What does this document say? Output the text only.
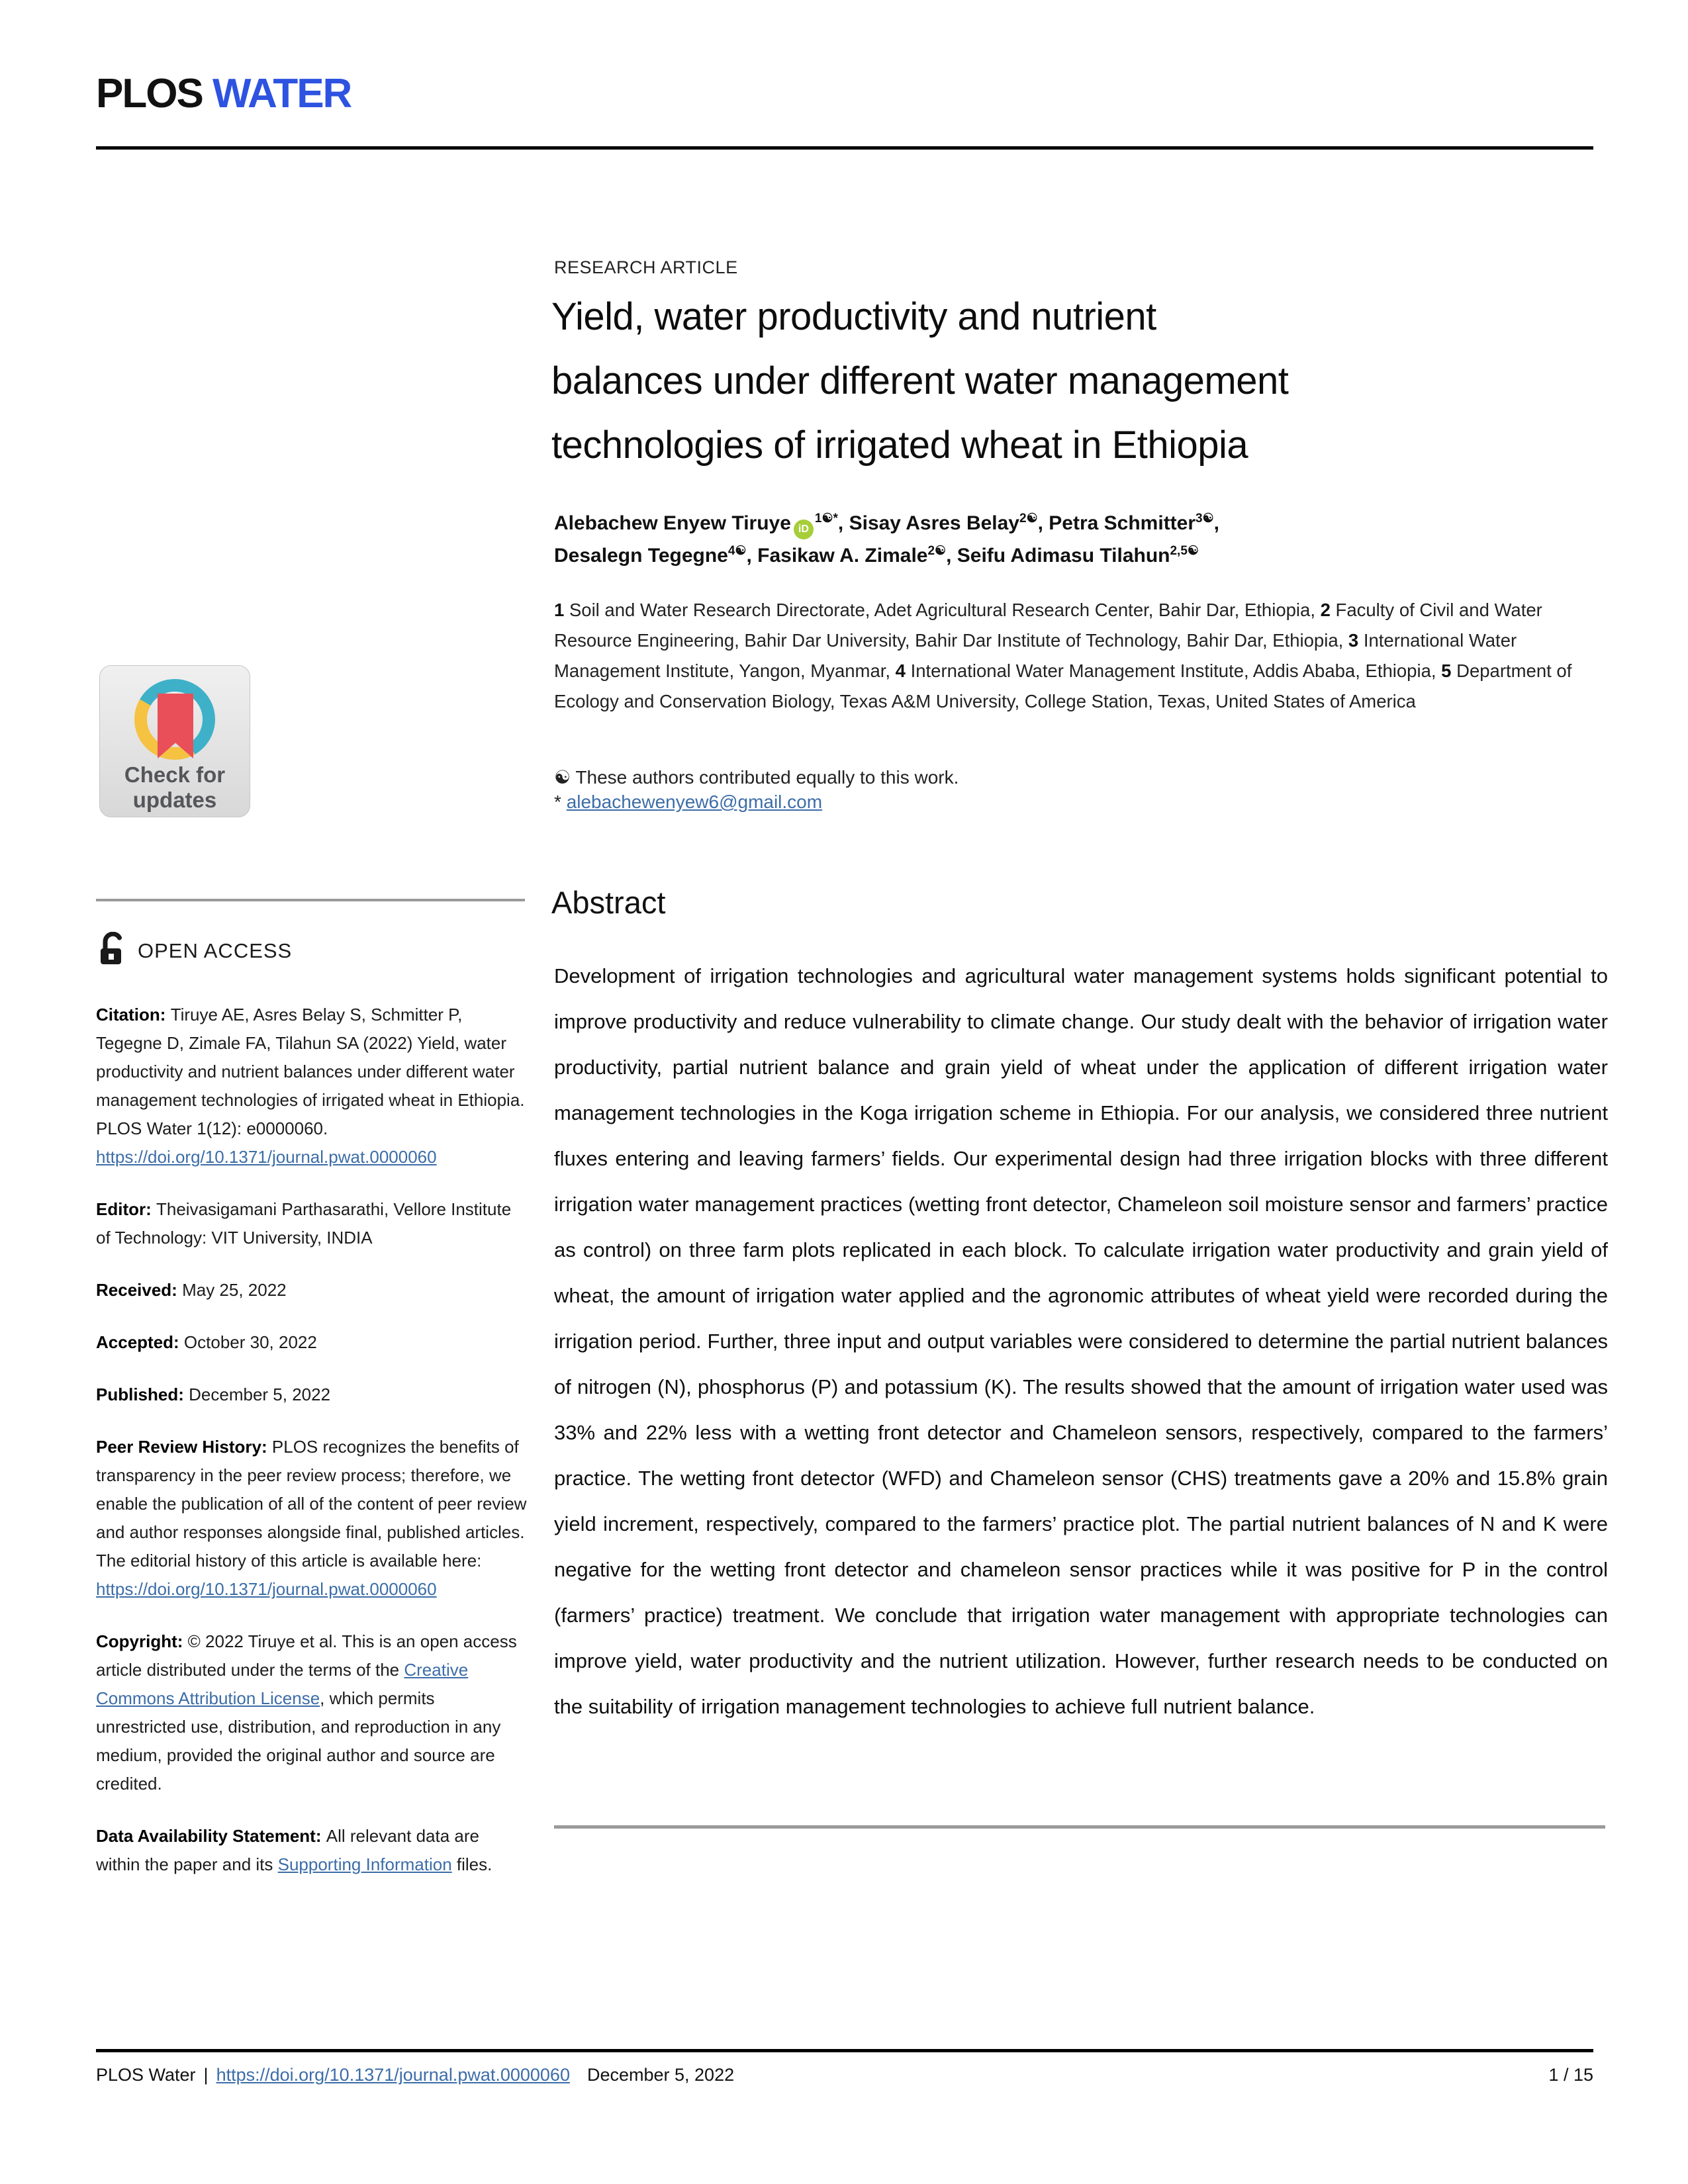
PLOS WATER
Check for
updates
OPEN ACCESS

Citation: Tiruye AE, Asres Belay S, Schmitter P, Tegegne D, Zimale FA, Tilahun SA (2022) Yield, water productivity and nutrient balances under different water management technologies of irrigated wheat in Ethiopia. PLOS Water 1(12): e0000060. https://doi.org/10.1371/journal.pwat.0000060

Editor: Theivasigamani Parthasarathi, Vellore Institute of Technology: VIT University, INDIA

Received: May 25, 2022

Accepted: October 30, 2022

Published: December 5, 2022

Peer Review History: PLOS recognizes the benefits of transparency in the peer review process; therefore, we enable the publication of all of the content of peer review and author responses alongside final, published articles. The editorial history of this article is available here: https://doi.org/10.1371/journal.pwat.0000060

Copyright: © 2022 Tiruye et al. This is an open access article distributed under the terms of the Creative Commons Attribution License, which permits unrestricted use, distribution, and reproduction in any medium, provided the original author and source are credited.

Data Availability Statement: All relevant data are within the paper and its Supporting Information files.

RESEARCH ARTICLE
Yield, water productivity and nutrient
balances under different water management
technologies of irrigated wheat in Ethiopia
Alebachew Enyew Tiruye $iD^{1☯*}$, Sisay Asres Belay$^{2☯}$, Petra Schmitter$^{3☯}$,
Desalegn Tegegne$^{4☯}$, Fasikaw A. Zimale$^{2☯}$, Seifu Adimasu Tilahun$^{2,5☯}$
1 Soil and Water Research Directorate, Adet Agricultural Research Center, Bahir Dar, Ethiopia, 2 Faculty of Civil and Water Resource Engineering, Bahir Dar University, Bahir Dar Institute of Technology, Bahir Dar, Ethiopia, 3 International Water Management Institute, Yangon, Myanmar, 4 International Water Management Institute, Addis Ababa, Ethiopia, 5 Department of Ecology and Conservation Biology, Texas A&M University, College Station, Texas, United States of America
☯ These authors contributed equally to this work.
* alebachewenyew6@gmail.com
Abstract
Development of irrigation technologies and agricultural water management systems holds significant potential to improve productivity and reduce vulnerability to climate change. Our study dealt with the behavior of irrigation water productivity, partial nutrient balance and grain yield of wheat under the application of different irrigation water management technologies in the Koga irrigation scheme in Ethiopia. For our analysis, we considered three nutrient fluxes entering and leaving farmers’ fields. Our experimental design had three irrigation blocks with three different irrigation water management practices (wetting front detector, Chameleon soil moisture sensor and farmers’ practice as control) on three farm plots replicated in each block. To calculate irrigation water productivity and grain yield of wheat, the amount of irrigation water applied and the agronomic attributes of wheat yield were recorded during the irrigation period. Further, three input and output variables were considered to determine the partial nutrient balances of nitrogen (N), phosphorus (P) and potassium (K). The results showed that the amount of irrigation water used was 33% and 22% less with a wetting front detector and Chameleon sensors, respectively, compared to the farmers’ practice. The wetting front detector (WFD) and Chameleon sensor (CHS) treatments gave a 20% and 15.8% grain yield increment, respectively, compared to the farmers’ practice plot. The partial nutrient balances of N and K were negative for the wetting front detector and chameleon sensor practices while it was positive for P in the control (farmers’ practice) treatment. We conclude that irrigation water management with appropriate technologies can improve yield, water productivity and the nutrient utilization. However, further research needs to be conducted on the suitability of irrigation management technologies to achieve full nutrient balance.
PLOS Water | https://doi.org/10.1371/journal.pwat.0000060 December 5, 2022	1 / 15
